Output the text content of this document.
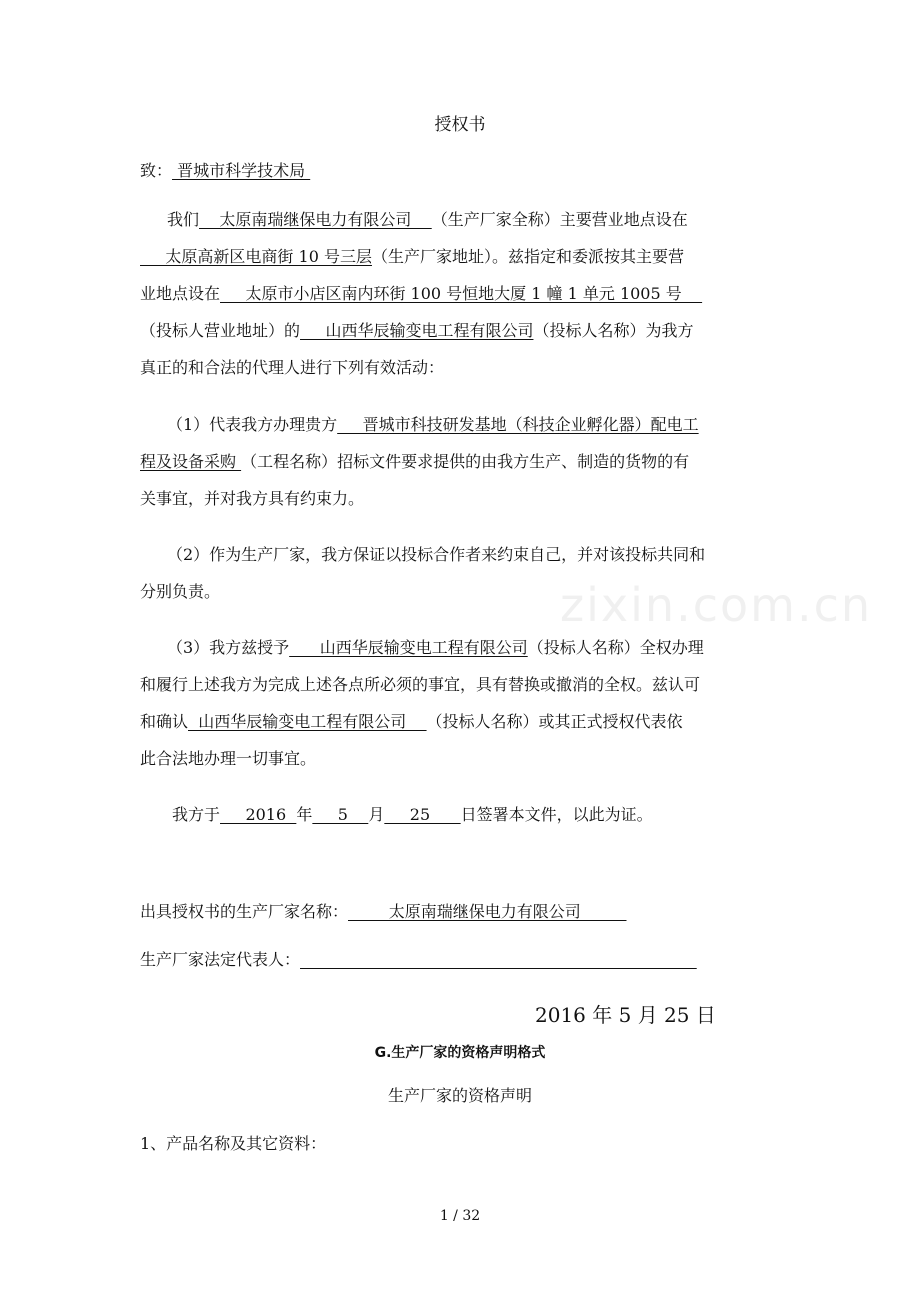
zixin.com.cn
授权书
致： 晋城市科学技术局
我们    太原南瑞继保电力有限公司    （生产厂家全称）主要营业地点设在
太原高新区电商街 10 号三层（生产厂家地址）。兹指定和委派按其主要营
业地点设在     太原市小店区南内环街 100 号恒地大厦 1 幢 1 单元 1005 号
（投标人营业地址）的     山西华辰输变电工程有限公司（投标人名称）为我方
真正的和合法的代理人进行下列有效活动：
（1）代表我方办理贵方     晋城市科技研发基地（科技企业孵化器）配电工
程及设备采购 （工程名称）招标文件要求提供的由我方生产、制造的货物的有
关事宜，并对我方具有约束力。
（2）作为生产厂家，我方保证以投标合作者来约束自己，并对该投标共同和
分别负责。
（3）我方兹授予      山西华辰输变电工程有限公司（投标人名称）全权办理
和履行上述我方为完成上述各点所必须的事宜，具有替换或撤消的全权。兹认可
和确认  山西华辰输变电工程有限公司    （投标人名称）或其正式授权代表依
此合法地办理一切事宜。
我方于     2016  年     5    月     25      日签署本文件，以此为证。
出具授权书的生产厂家名称：        太原南瑞继保电力有限公司
生产厂家法定代表人：
2016 年 5 月 25 日
G.生产厂家的资格声明格式
生产厂家的资格声明
1、产品名称及其它资料：
1 / 32
